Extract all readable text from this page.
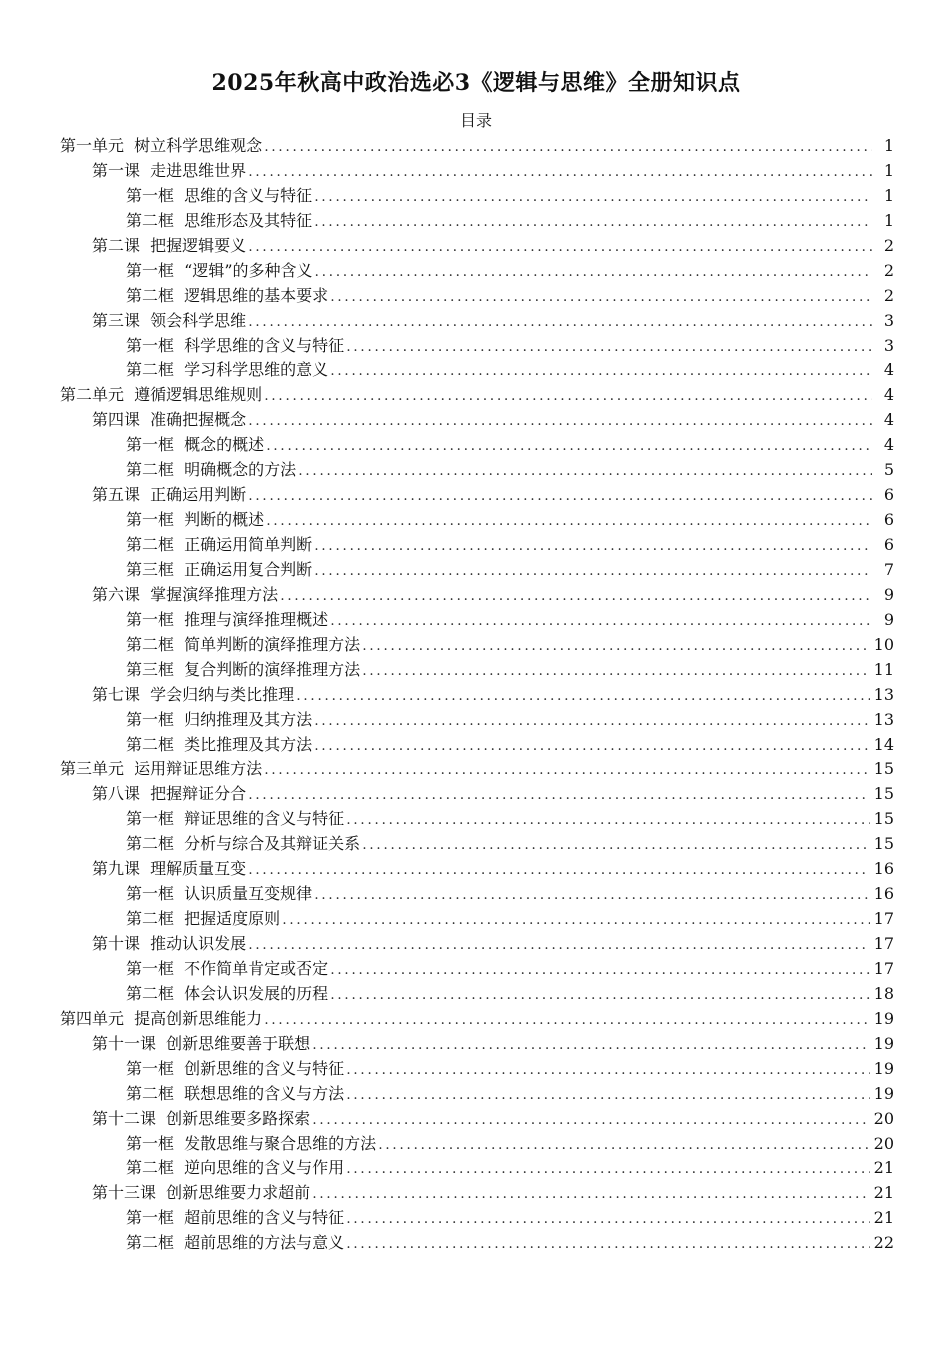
2025年秋高中政治选必3《逻辑与思维》全册知识点
目录
第一单元  树立科学思维观念 .....	1
第一课  走进思维世界 .....	1
第一框  思维的含义与特征 .....	1
第二框  思维形态及其特征 .....	1
第二课  把握逻辑要义 .....	2
第一框  “逻辑”的多种含义 .....	2
第二框  逻辑思维的基本要求 .....	2
第三课  领会科学思维 .....	3
第一框  科学思维的含义与特征 .....	3
第二框  学习科学思维的意义 .....	4
第二单元  遵循逻辑思维规则 .....	4
第四课  准确把握概念 .....	4
第一框  概念的概述 .....	4
第二框  明确概念的方法 .....	5
第五课  正确运用判断 .....	6
第一框  判断的概述 .....	6
第二框  正确运用简单判断 .....	6
第三框  正确运用复合判断 .....	7
第六课  掌握演绎推理方法 .....	9
第一框  推理与演绎推理概述 .....	9
第二框  简单判断的演绎推理方法 .....	10
第三框  复合判断的演绎推理方法 .....	11
第七课  学会归纳与类比推理 .....	13
第一框  归纳推理及其方法 .....	13
第二框  类比推理及其方法 .....	14
第三单元  运用辩证思维方法 .....	15
第八课  把握辩证分合 .....	15
第一框  辩证思维的含义与特征 .....	15
第二框  分析与综合及其辩证关系 .....	15
第九课  理解质量互变 .....	16
第一框  认识质量互变规律 .....	16
第二框  把握适度原则 .....	17
第十课  推动认识发展 .....	17
第一框  不作简单肯定或否定 .....	17
第二框  体会认识发展的历程 .....	18
第四单元  提高创新思维能力 .....	19
第十一课  创新思维要善于联想 .....	19
第一框  创新思维的含义与特征 .....	19
第二框  联想思维的含义与方法 .....	19
第十二课  创新思维要多路探索 .....	20
第一框  发散思维与聚合思维的方法 .....	20
第二框  逆向思维的含义与作用 .....	21
第十三课  创新思维要力求超前 .....	21
第一框  超前思维的含义与特征 .....	21
第二框  超前思维的方法与意义 .....	22
